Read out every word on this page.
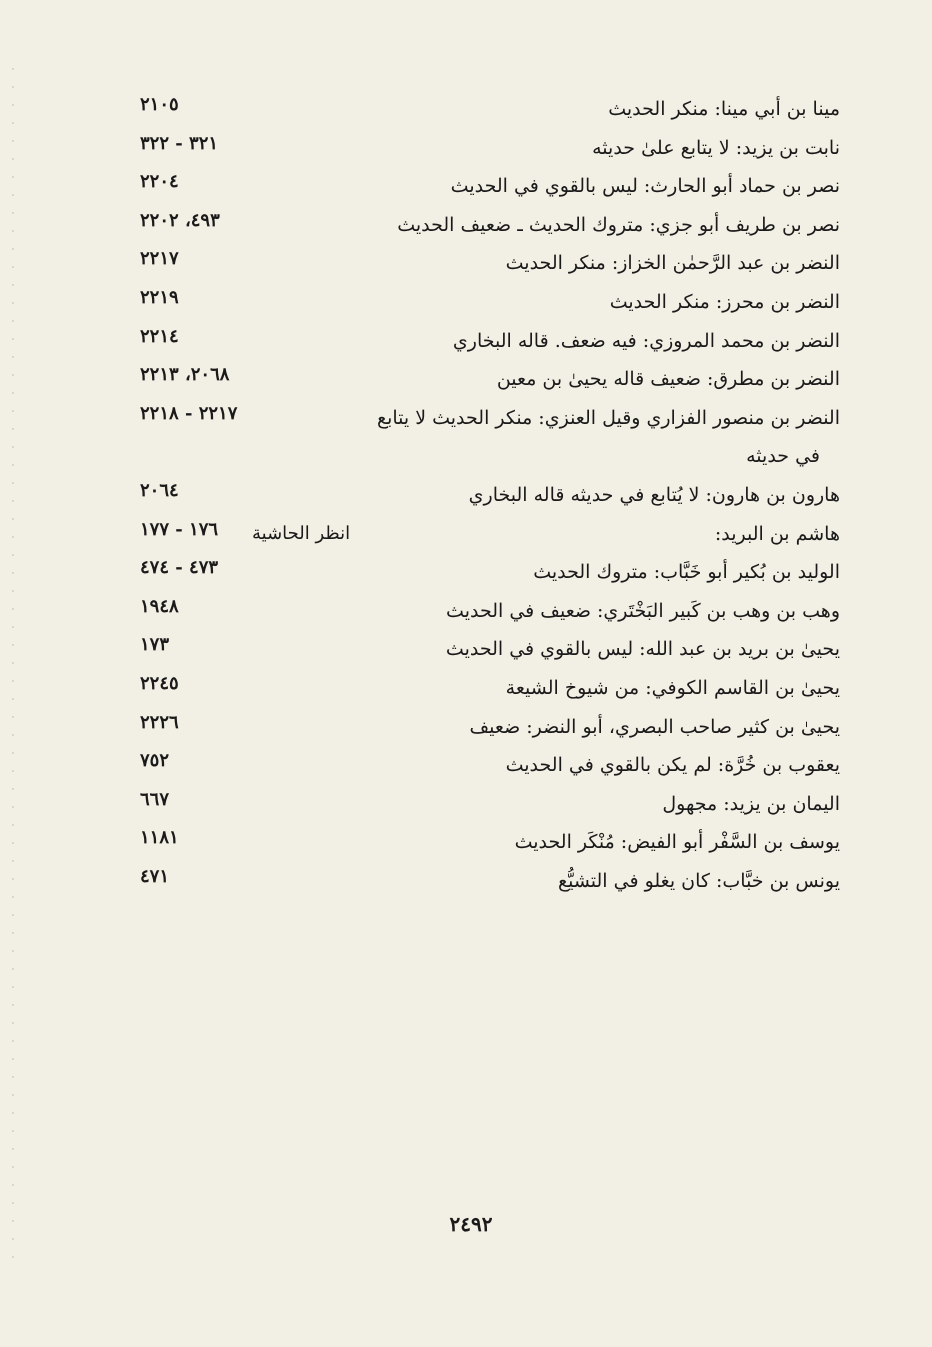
مينا بن أبي مينا: منكر الحديث
٢١٠٥
نابت بن يزيد: لا يتابع علىٰ حديثه
٣٢١ - ٣٢٢
نصر بن حماد أبو الحارث: ليس بالقوي في الحديث
٢٢٠٤
نصر بن طريف أبو جزي: متروك الحديث ـ ضعيف الحديث
٤٩٣، ٢٢٠٢
النضر بن عبد الرَّحمٰن الخزاز: منكر الحديث
٢٢١٧
النضر بن محرز: منكر الحديث
٢٢١٩
النضر بن محمد المروزي: فيه ضعف. قاله البخاري
٢٢١٤
النضر بن مطرق: ضعيف قاله يحيىٰ بن معين
٢٠٦٨، ٢٢١٣
النضر بن منصور الفزاري وقيل العنزي: منكر الحديث لا يتابع
٢٢١٧ - ٢٢١٨
في حديثه
هارون بن هارون: لا يُتابع في حديثه قاله البخاري
٢٠٦٤
هاشم بن البريد:
انظر الحاشية
١٧٦ - ١٧٧
الوليد بن بُكير أبو خَبَّاب: متروك الحديث
٤٧٣ - ٤٧٤
وهب بن وهب بن كَبير البَخْتَري: ضعيف في الحديث
١٩٤٨
يحيىٰ بن بريد بن عبد الله: ليس بالقوي في الحديث
١٧٣
يحيىٰ بن القاسم الكوفي: من شيوخ الشيعة
٢٢٤٥
يحيىٰ بن كثير صاحب البصري، أبو النضر: ضعيف
٢٢٢٦
يعقوب بن خُرَّة: لم يكن بالقوي في الحديث
٧٥٢
اليمان بن يزيد: مجهول
٦٦٧
يوسف بن السَّفْر أبو الفيض: مُنْكَر الحديث
١١٨١
يونس بن خبَّاب: كان يغلو في التشيُّع
٤٧١
٢٤٩٢
